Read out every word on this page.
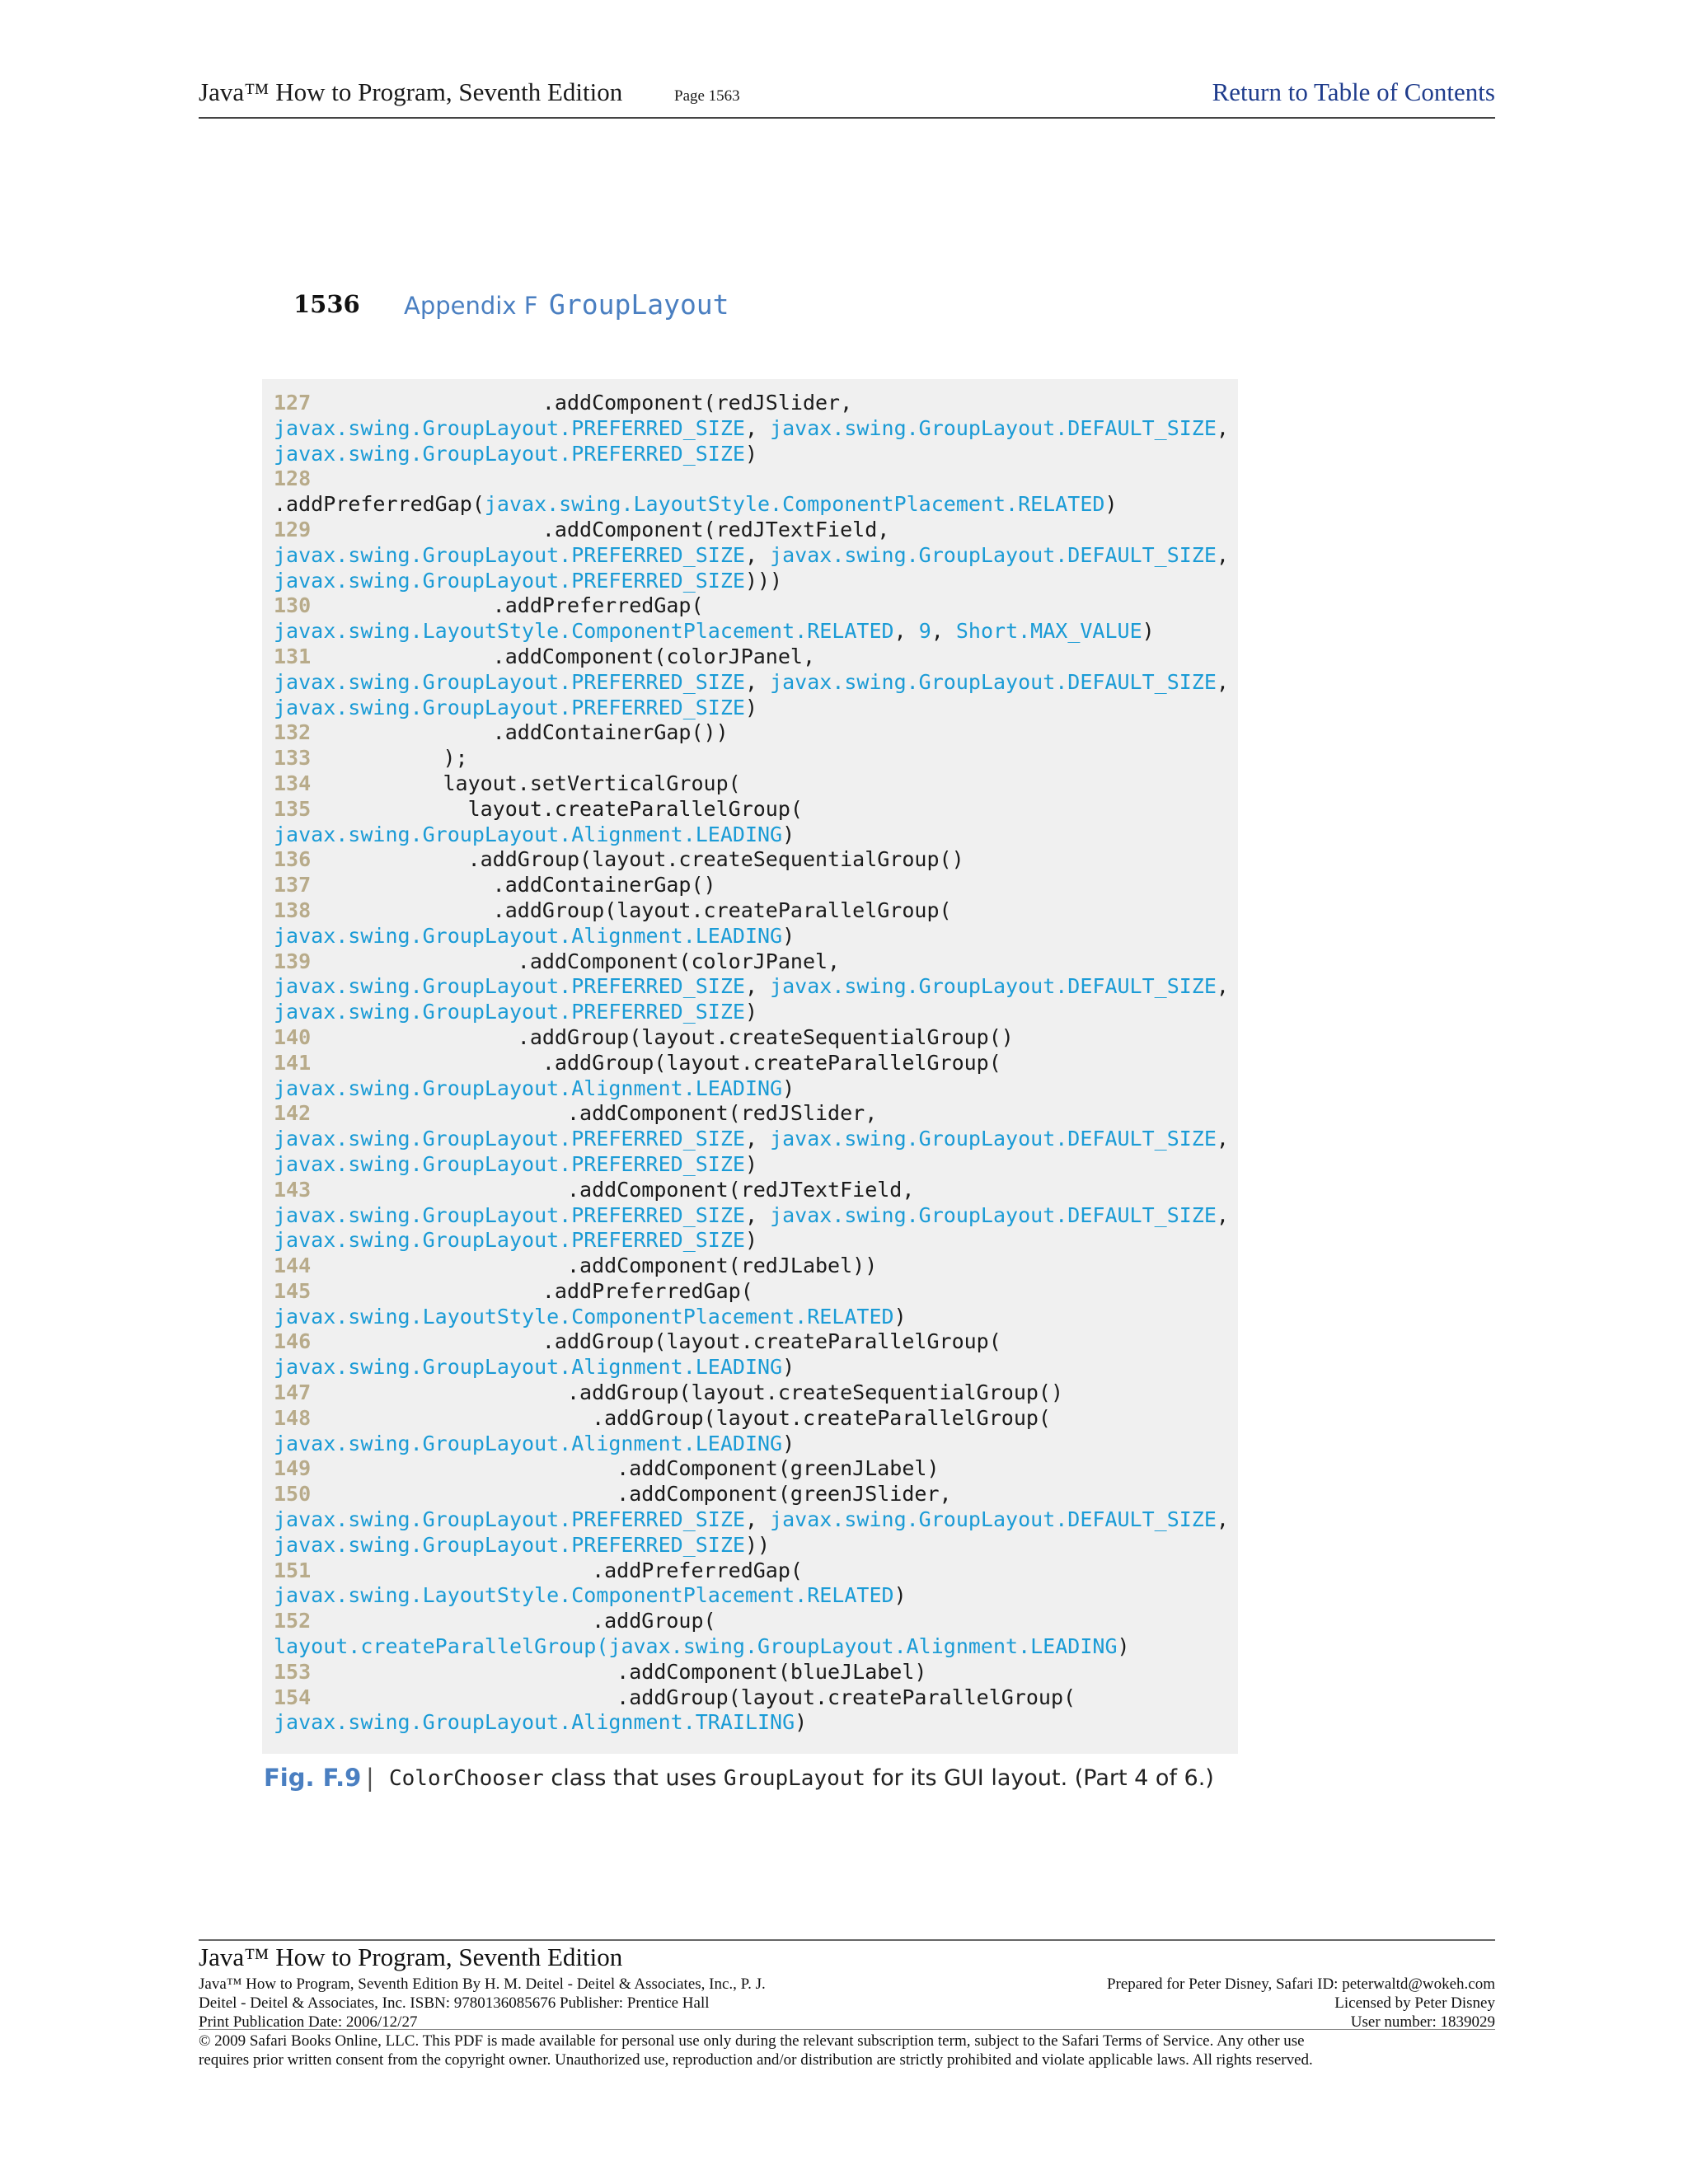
Java™ How to Program, Seventh Edition	Page 1563	Return to Table of Contents
1536 Appendix F GroupLayout
127                 .addComponent(redJSlider,
javax.swing.GroupLayout.PREFERRED_SIZE, javax.swing.GroupLayout.DEFAULT_SIZE,
javax.swing.GroupLayout.PREFERRED_SIZE)
128
.addPreferredGap(javax.swing.LayoutStyle.ComponentPlacement.RELATED)
129                 .addComponent(redJTextField,
javax.swing.GroupLayout.PREFERRED_SIZE, javax.swing.GroupLayout.DEFAULT_SIZE,
javax.swing.GroupLayout.PREFERRED_SIZE)))
130             .addPreferredGap(
javax.swing.LayoutStyle.ComponentPlacement.RELATED, 9, Short.MAX_VALUE)
131             .addComponent(colorJPanel,
javax.swing.GroupLayout.PREFERRED_SIZE, javax.swing.GroupLayout.DEFAULT_SIZE,
javax.swing.GroupLayout.PREFERRED_SIZE)
132             .addContainerGap())
133         );
134         layout.setVerticalGroup(
135           layout.createParallelGroup(
javax.swing.GroupLayout.Alignment.LEADING)
136           .addGroup(layout.createSequentialGroup()
137             .addContainerGap()
138             .addGroup(layout.createParallelGroup(
javax.swing.GroupLayout.Alignment.LEADING)
139               .addComponent(colorJPanel,
javax.swing.GroupLayout.PREFERRED_SIZE, javax.swing.GroupLayout.DEFAULT_SIZE,
javax.swing.GroupLayout.PREFERRED_SIZE)
140               .addGroup(layout.createSequentialGroup()
141                 .addGroup(layout.createParallelGroup(
javax.swing.GroupLayout.Alignment.LEADING)
142                   .addComponent(redJSlider,
javax.swing.GroupLayout.PREFERRED_SIZE, javax.swing.GroupLayout.DEFAULT_SIZE,
javax.swing.GroupLayout.PREFERRED_SIZE)
143                   .addComponent(redJTextField,
javax.swing.GroupLayout.PREFERRED_SIZE, javax.swing.GroupLayout.DEFAULT_SIZE,
javax.swing.GroupLayout.PREFERRED_SIZE)
144                   .addComponent(redJLabel))
145                 .addPreferredGap(
javax.swing.LayoutStyle.ComponentPlacement.RELATED)
146                 .addGroup(layout.createParallelGroup(
javax.swing.GroupLayout.Alignment.LEADING)
147                   .addGroup(layout.createSequentialGroup()
148                     .addGroup(layout.createParallelGroup(
javax.swing.GroupLayout.Alignment.LEADING)
149                       .addComponent(greenJLabel)
150                       .addComponent(greenJSlider,
javax.swing.GroupLayout.PREFERRED_SIZE, javax.swing.GroupLayout.DEFAULT_SIZE,
javax.swing.GroupLayout.PREFERRED_SIZE))
151                     .addPreferredGap(
javax.swing.LayoutStyle.ComponentPlacement.RELATED)
152                     .addGroup(
layout.createParallelGroup(javax.swing.GroupLayout.Alignment.LEADING)
153                       .addComponent(blueJLabel)
154                       .addGroup(layout.createParallelGroup(
javax.swing.GroupLayout.Alignment.TRAILING)
Fig. F.9 | ColorChooser class that uses GroupLayout for its GUI layout. (Part 4 of 6.)
Java™ How to Program, Seventh Edition
Java™ How to Program, Seventh Edition By H. M. Deitel - Deitel & Associates, Inc., P. J.
Deitel - Deitel & Associates, Inc. ISBN: 9780136085676 Publisher: Prentice Hall
Print Publication Date: 2006/12/27
Prepared for Peter Disney, Safari ID: peterwaltd@wokeh.com
Licensed by Peter Disney
User number: 1839029
© 2009 Safari Books Online, LLC. This PDF is made available for personal use only during the relevant subscription term, subject to the Safari Terms of Service. Any other use
requires prior written consent from the copyright owner. Unauthorized use, reproduction and/or distribution are strictly prohibited and violate applicable laws. All rights reserved.
